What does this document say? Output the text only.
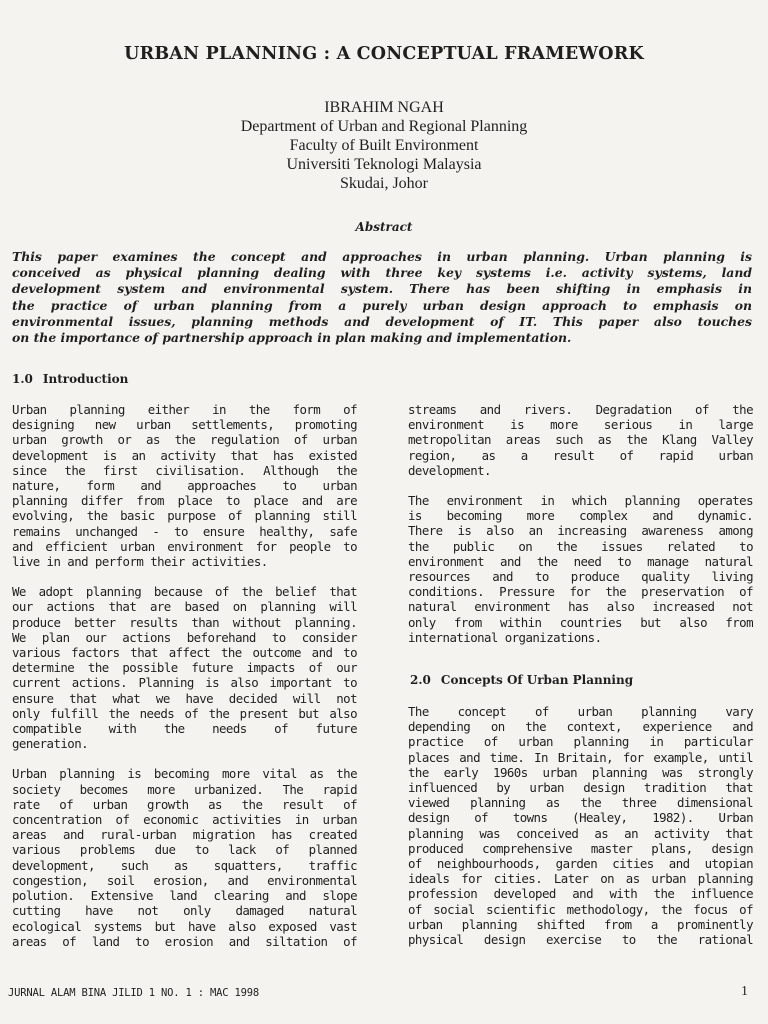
URBAN PLANNING : A CONCEPTUAL FRAMEWORK
IBRAHIM NGAH
Department of Urban and Regional Planning
Faculty of Built Environment
Universiti Teknologi Malaysia
Skudai, Johor
Abstract
This paper examines the concept and approaches in urban planning. Urban planning is
conceived as physical planning dealing with three key systems i.e. activity systems, land
development system and environmental system. There has been shifting in emphasis in
the practice of urban planning from a purely urban design approach to emphasis on
environmental issues, planning methods and development of IT. This paper also touches
on the importance of partnership approach in plan making and implementation.
1.0 Introduction
Urban planning either in the form of
designing new urban settlements, promoting
urban growth or as the regulation of urban
development is an activity that has existed
since the first civilisation. Although the
nature, form and approaches to urban
planning differ from place to place and are
evolving, the basic purpose of planning still
remains unchanged - to ensure healthy, safe
and efficient urban environment for people to
live in and perform their activities.
We adopt planning because of the belief that
our actions that are based on planning will
produce better results than without planning.
We plan our actions beforehand to consider
various factors that affect the outcome and to
determine the possible future impacts of our
current actions. Planning is also important to
ensure that what we have decided will not
only fulfill the needs of the present but also
compatible with the needs of future
generation.
Urban planning is becoming more vital as the
society becomes more urbanized. The rapid
rate of urban growth as the result of
concentration of economic activities in urban
areas and rural-urban migration has created
various problems due to lack of planned
development, such as squatters, traffic
congestion, soil erosion, and environmental
polution. Extensive land clearing and slope
cutting have not only damaged natural
ecological systems but have also exposed vast
areas of land to erosion and siltation of
streams and rivers. Degradation of the
environment is more serious in large
metropolitan areas such as the Klang Valley
region, as a result of rapid urban
development.
The environment in which planning operates
is becoming more complex and dynamic.
There is also an increasing awareness among
the public on the issues related to
environment and the need to manage natural
resources and to produce quality living
conditions. Pressure for the preservation of
natural environment has also increased not
only from within countries but also from
international organizations.
2.0 Concepts Of Urban Planning
The concept of urban planning vary
depending on the context, experience and
practice of urban planning in particular
places and time. In Britain, for example, until
the early 1960s urban planning was strongly
influenced by urban design tradition that
viewed planning as the three dimensional
design of towns (Healey, 1982). Urban
planning was conceived as an activity that
produced comprehensive master plans, design
of neighbourhoods, garden cities and utopian
ideals for cities. Later on as urban planning
profession developed and with the influence
of social scientific methodology, the focus of
urban planning shifted from a prominently
physical design exercise to the rational
JURNAL ALAM BINA JILID 1 NO. 1 : MAC 1998	1
